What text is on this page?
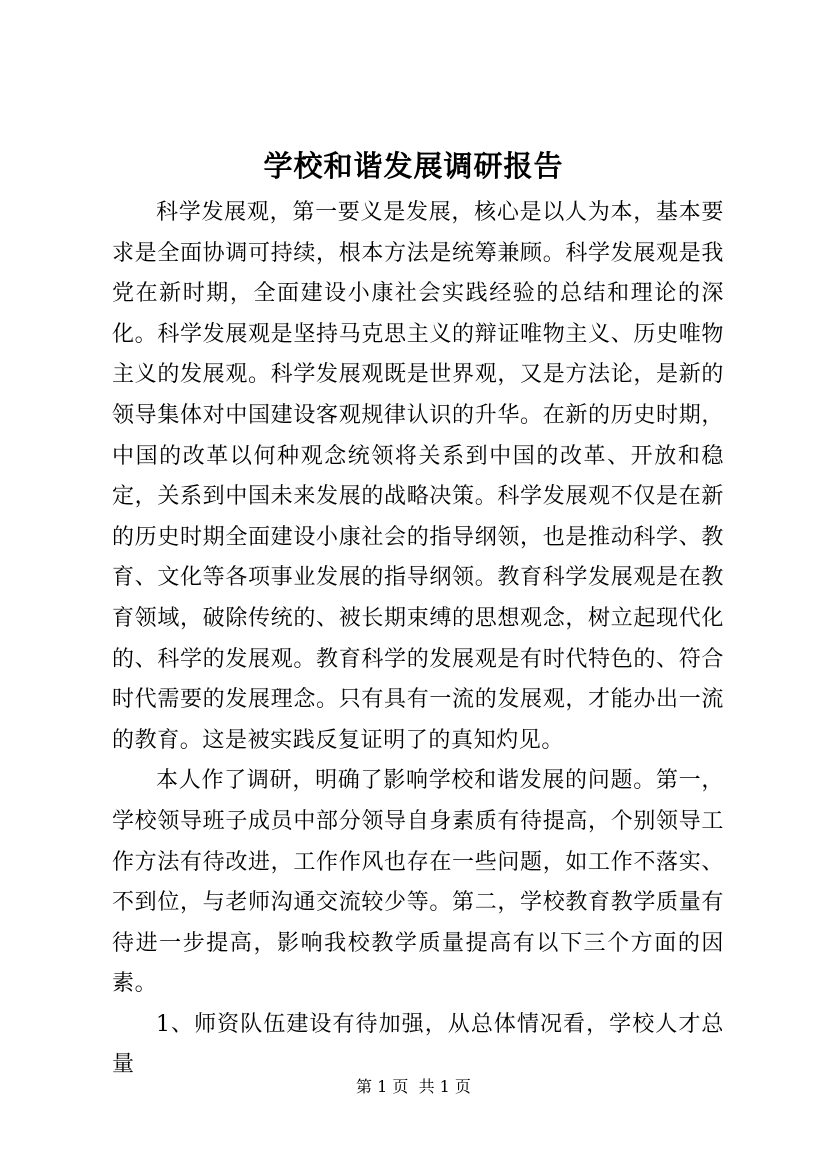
学校和谐发展调研报告

科学发展观，第一要义是发展，核心是以人为本，基本要求是全面协调可持续，根本方法是统筹兼顾。科学发展观是我党在新时期，全面建设小康社会实践经验的总结和理论的深化。科学发展观是坚持马克思主义的辩证唯物主义、历史唯物主义的发展观。科学发展观既是世界观，又是方法论，是新的领导集体对中国建设客观规律认识的升华。在新的历史时期，中国的改革以何种观念统领将关系到中国的改革、开放和稳定，关系到中国未来发展的战略决策。科学发展观不仅是在新的历史时期全面建设小康社会的指导纲领，也是推动科学、教育、文化等各项事业发展的指导纲领。教育科学发展观是在教育领域，破除传统的、被长期束缚的思想观念，树立起现代化的、科学的发展观。教育科学的发展观是有时代特色的、符合时代需要的发展理念。只有具有一流的发展观，才能办出一流的教育。这是被实践反复证明了的真知灼见。

本人作了调研，明确了影响学校和谐发展的问题。第一，学校领导班子成员中部分领导自身素质有待提高，个别领导工作方法有待改进，工作作风也存在一些问题，如工作不落实、不到位，与老师沟通交流较少等。第二，学校教育教学质量有待进一步提高，影响我校教学质量提高有以下三个方面的因素。

1、师资队伍建设有待加强，从总体情况看，学校人才总量

第 1 页  共 1 页
